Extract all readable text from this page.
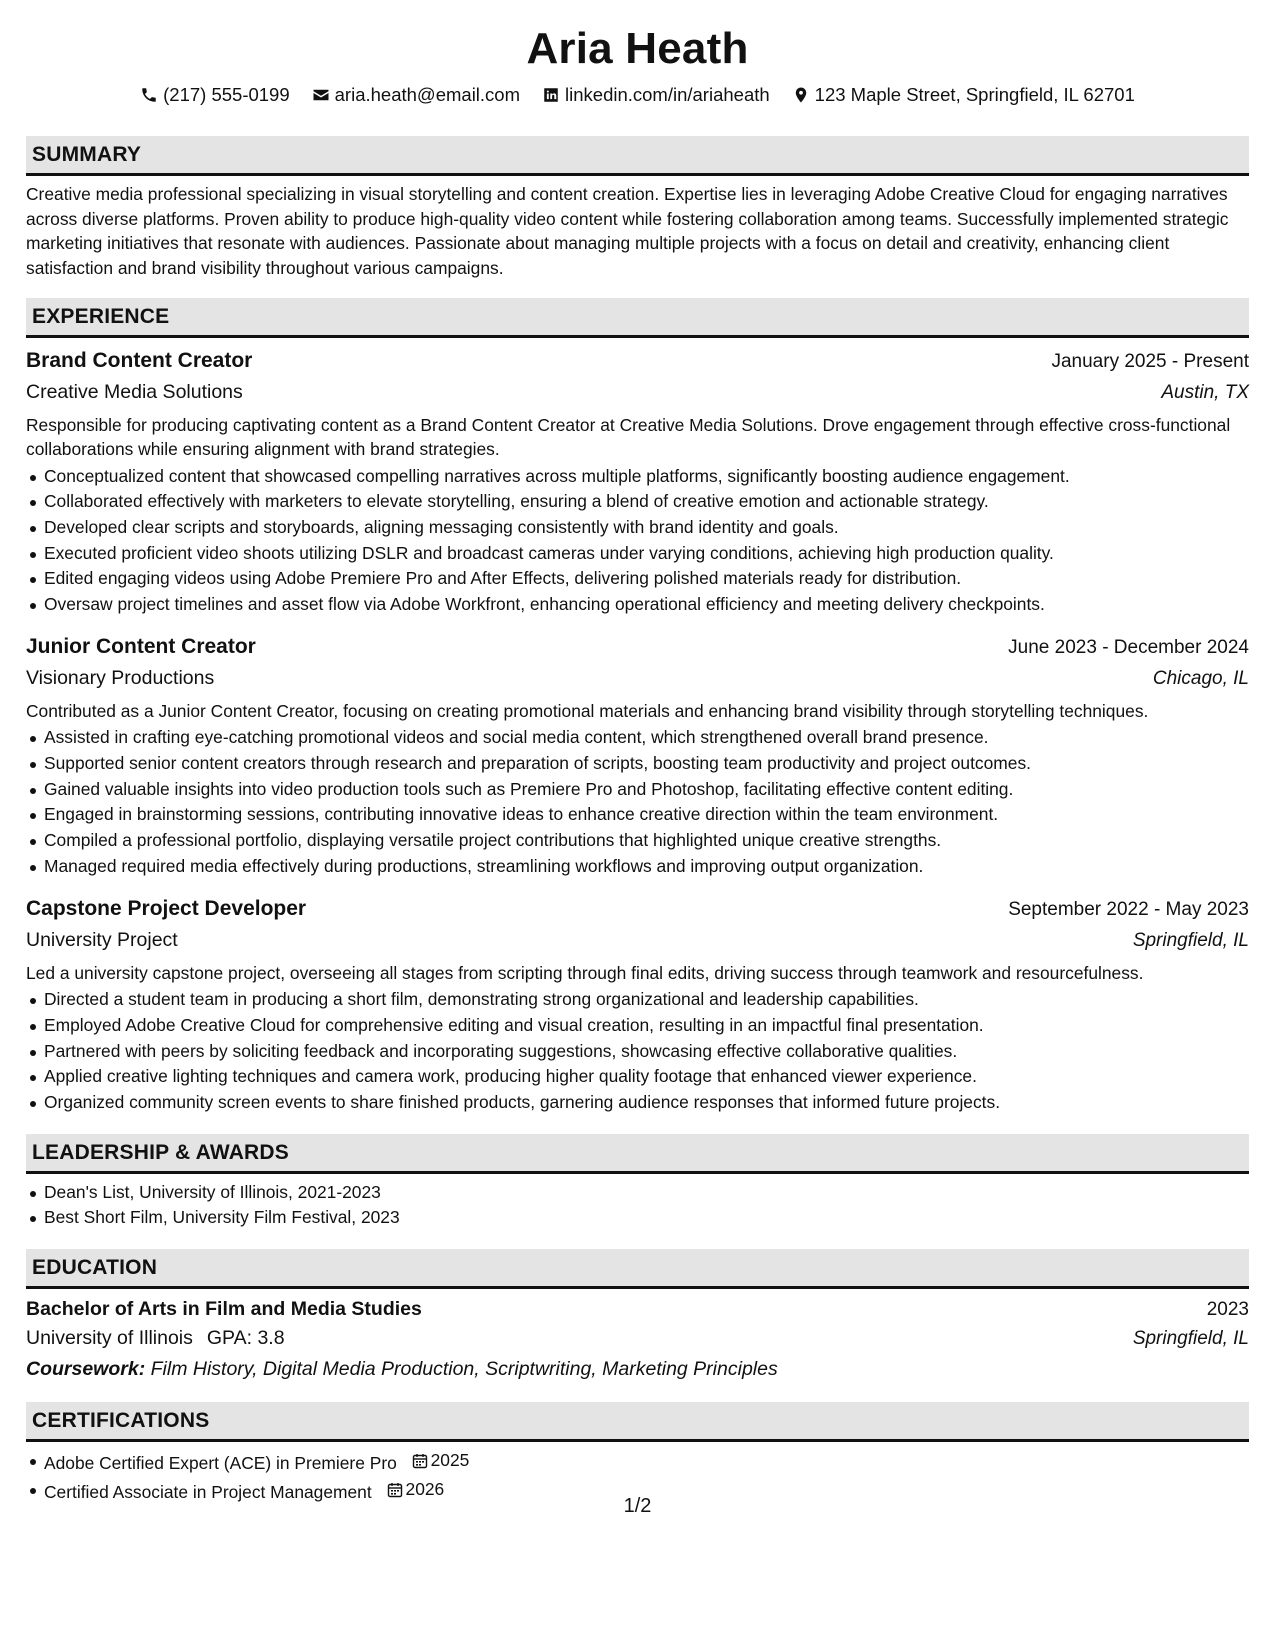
Aria Heath
(217) 555-0199 aria.heath@email.com linkedin.com/in/ariaheath 123 Maple Street, Springfield, IL 62701
SUMMARY

Creative media professional specializing in visual storytelling and content creation. Expertise lies in leveraging Adobe Creative Cloud for engaging narratives across diverse platforms. Proven ability to produce high-quality video content while fostering collaboration among teams. Successfully implemented strategic marketing initiatives that resonate with audiences. Passionate about managing multiple projects with a focus on detail and creativity, enhancing client satisfaction and brand visibility throughout various campaigns.

EXPERIENCE
Brand Content Creator	January 2025 - Present
Creative Media Solutions	Austin, TX

Responsible for producing captivating content as a Brand Content Creator at Creative Media Solutions. Drove engagement through effective cross-functional collaborations while ensuring alignment with brand strategies.

Conceptualized content that showcased compelling narratives across multiple platforms, significantly boosting audience engagement.
Collaborated effectively with marketers to elevate storytelling, ensuring a blend of creative emotion and actionable strategy.
Developed clear scripts and storyboards, aligning messaging consistently with brand identity and goals.
Executed proficient video shoots utilizing DSLR and broadcast cameras under varying conditions, achieving high production quality.
Edited engaging videos using Adobe Premiere Pro and After Effects, delivering polished materials ready for distribution.
Oversaw project timelines and asset flow via Adobe Workfront, enhancing operational efficiency and meeting delivery checkpoints.
Junior Content Creator	June 2023 - December 2024
Visionary Productions	Chicago, IL

Contributed as a Junior Content Creator, focusing on creating promotional materials and enhancing brand visibility through storytelling techniques.

Assisted in crafting eye-catching promotional videos and social media content, which strengthened overall brand presence.
Supported senior content creators through research and preparation of scripts, boosting team productivity and project outcomes.
Gained valuable insights into video production tools such as Premiere Pro and Photoshop, facilitating effective content editing.
Engaged in brainstorming sessions, contributing innovative ideas to enhance creative direction within the team environment.
Compiled a professional portfolio, displaying versatile project contributions that highlighted unique creative strengths.
Managed required media effectively during productions, streamlining workflows and improving output organization.
Capstone Project Developer	September 2022 - May 2023
University Project	Springfield, IL

Led a university capstone project, overseeing all stages from scripting through final edits, driving success through teamwork and resourcefulness.

Directed a student team in producing a short film, demonstrating strong organizational and leadership capabilities.
Employed Adobe Creative Cloud for comprehensive editing and visual creation, resulting in an impactful final presentation.
Partnered with peers by soliciting feedback and incorporating suggestions, showcasing effective collaborative qualities.
Applied creative lighting techniques and camera work, producing higher quality footage that enhanced viewer experience.
Organized community screen events to share finished products, garnering audience responses that informed future projects.
LEADERSHIP & AWARDS
Dean's List, University of Illinois, 2021-2023
Best Short Film, University Film Festival, 2023
EDUCATION
Bachelor of Arts in Film and Media Studies	2023
University of Illinois GPA: 3.8	Springfield, IL
Coursework: Film History, Digital Media Production, Scriptwriting, Marketing Principles
CERTIFICATIONS
Adobe Certified Expert (ACE) in Premiere Pro 2025
Certified Associate in Project Management 2026
1/2
